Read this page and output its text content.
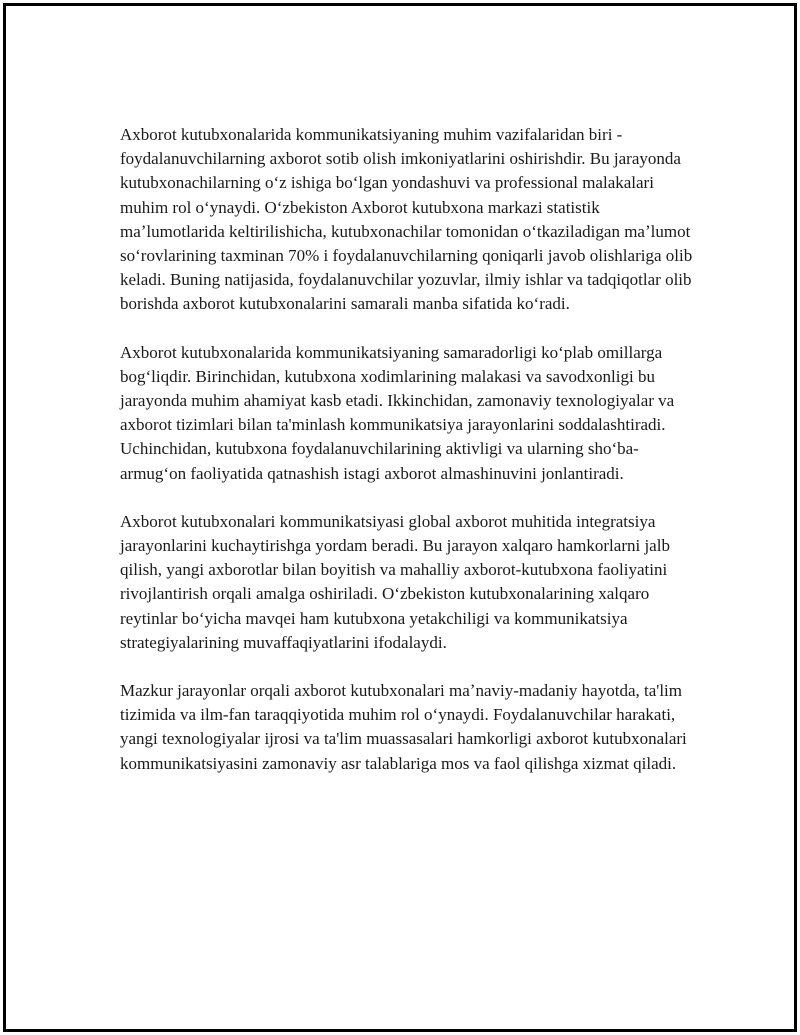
Axborot kutubxonalarida kommunikatsiyaning muhim vazifalaridan biri - foydalanuvchilarning axborot sotib olish imkoniyatlarini oshirishdir. Bu jarayonda kutubxonachilarning oʻz ishiga boʻlgan yondashuvi va professional malakalari muhim rol oʻynaydi. Oʻzbekiston Axborot kutubxona markazi statistik maʼlumotlarida keltirilishicha, kutubxonachilar tomonidan oʻtkaziladigan maʼlumot soʻrovlarining taxminan 70% i foydalanuvchilarning qoniqarli javob olishlariga olib keladi. Buning natijasida, foydalanuvchilar yozuvlar, ilmiy ishlar va tadqiqotlar olib borishda axborot kutubxonalarini samarali manba sifatida koʻradi.

Axborot kutubxonalarida kommunikatsiyaning samaradorligi koʻplab omillarga bogʻliqdir. Birinchidan, kutubxona xodimlarining malakasi va savodxonligi bu jarayonda muhim ahamiyat kasb etadi. Ikkinchidan, zamonaviy texnologiyalar va axborot tizimlari bilan ta'minlash kommunikatsiya jarayonlarini soddalashtiradi. Uchinchidan, kutubxona foydalanuvchilarining aktivligi va ularning shoʻba-armugʻon faoliyatida qatnashish istagi axborot almashinuvini jonlantiradi.

Axborot kutubxonalari kommunikatsiyasi global axborot muhitida integratsiya jarayonlarini kuchaytirishga yordam beradi. Bu jarayon xalqaro hamkorlarni jalb qilish, yangi axborotlar bilan boyitish va mahalliy axborot-kutubxona faoliyatini rivojlantirish orqali amalga oshiriladi. Oʻzbekiston kutubxonalarining xalqaro reytinlar boʻyicha mavqei ham kutubxona yetakchiligi va kommunikatsiya strategiyalarining muvaffaqiyatlarini ifodalaydi.

Mazkur jarayonlar orqali axborot kutubxonalari maʼnaviy-madaniy hayotda, ta'lim tizimida va ilm-fan taraqqiyotida muhim rol oʻynaydi. Foydalanuvchilar harakati, yangi texnologiyalar ijrosi va ta'lim muassasalari hamkorligi axborot kutubxonalari kommunikatsiyasini zamonaviy asr talablariga mos va faol qilishga xizmat qiladi.
